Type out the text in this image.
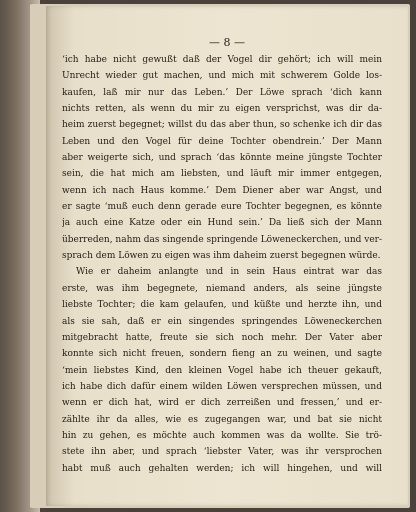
— 8 —
‘ich habe nicht gewußt daß der Vogel dir gehört; ich will mein
Unrecht wieder gut machen, und mich mit schwerem Golde los-
kaufen, laß mir nur das Leben.’ Der Löwe sprach ‘dich kann
nichts retten, als wenn du mir zu eigen versprichst, was dir da-
heim zuerst begegnet; willst du das aber thun, so schenke ich dir das
Leben und den Vogel für deine Tochter obendrein.’ Der Mann
aber weigerte sich, und sprach ‘das könnte meine jüngste Tochter
sein, die hat mich am liebsten, und läuft mir immer entgegen,
wenn ich nach Haus komme.’ Dem Diener aber war Angst, und
er sagte ‘muß euch denn gerade eure Tochter begegnen, es könnte
ja auch eine Katze oder ein Hund sein.’ Da ließ sich der Mann
überreden, nahm das singende springende Löweneckerchen, und ver-
sprach dem Löwen zu eigen was ihm daheim zuerst begegnen würde.
Wie er daheim anlangte und in sein Haus eintrat war das
erste, was ihm begegnete, niemand anders, als seine jüngste
liebste Tochter; die kam gelaufen, und küßte und herzte ihn, und
als sie sah, daß er ein singendes springendes Löweneckerchen
mitgebracht hatte, freute sie sich noch mehr. Der Vater aber
konnte sich nicht freuen, sondern fieng an zu weinen, und sagte
‘mein liebstes Kind, den kleinen Vogel habe ich theuer gekauft,
ich habe dich dafür einem wilden Löwen versprechen müssen, und
wenn er dich hat, wird er dich zerreißen und fressen,’ und er-
zählte ihr da alles, wie es zugegangen war, und bat sie nicht
hin zu gehen, es möchte auch kommen was da wollte. Sie trö-
stete ihn aber, und sprach ‘liebster Vater, was ihr versprochen
habt muß auch gehalten werden; ich will hingehen, und will
